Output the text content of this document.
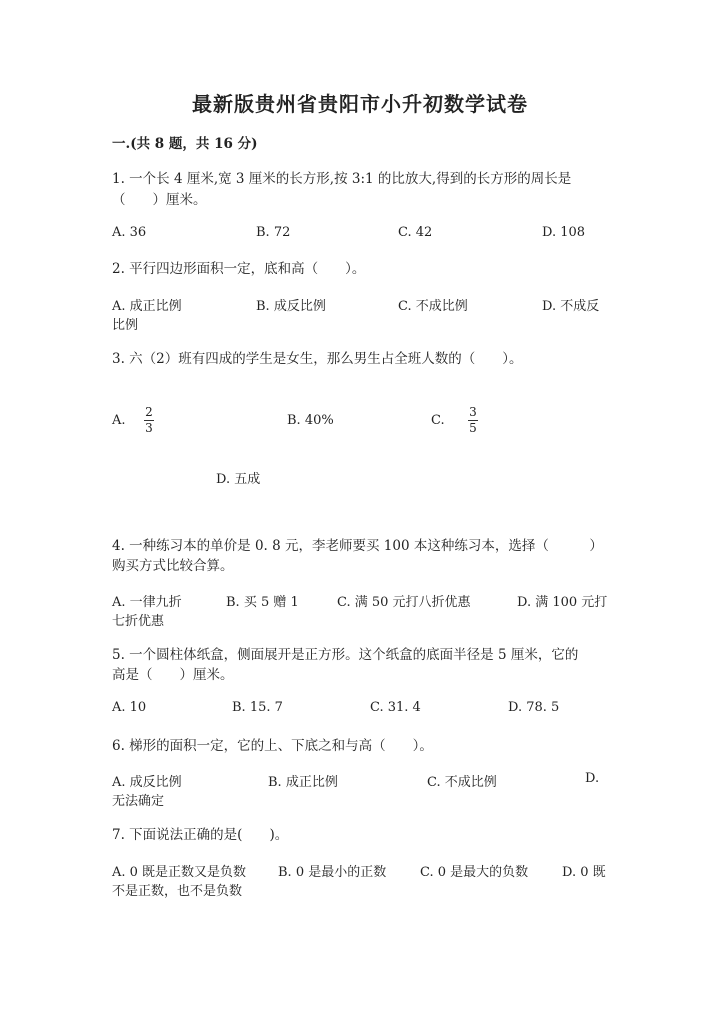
最新版贵州省贵阳市小升初数学试卷
一.(共 8 题，共 16 分)
1. 一个长 4 厘米,宽 3 厘米的长方形,按 3:1 的比放大,得到的长方形的周长是
（　　）厘米。
A. 36	B. 72	C. 42	D. 108
2. 平行四边形面积一定，底和高（　　）。
A. 成正比例	B. 成反比例	C. 不成比例	D. 不成反
比例
3. 六（2）班有四成的学生是女生，那么男生占全班人数的（　　）。
A.
2
3	B. 40%	C.
3
5
D. 五成
4. 一种练习本的单价是 0. 8 元，李老师要买 100 本这种练习本，选择（　　　）
购买方式比较合算。
A. 一律九折	B. 买 5 赠 1	C. 满 50 元打八折优惠	D. 满 100 元打
七折优惠
5. 一个圆柱体纸盒，侧面展开是正方形。这个纸盒的底面半径是 5 厘米，它的
高是（　　）厘米。
A. 10	B. 15. 7	C. 31. 4	D. 78. 5
6. 梯形的面积一定，它的上、下底之和与高（　　）。
A. 成反比例	B. 成正比例	C. 不成比例	D.
无法确定
7. 下面说法正确的是(　　)。
A. 0 既是正数又是负数 B. 0 是最小的正数	C. 0 是最大的负数	D. 0 既
不是正数，也不是负数
